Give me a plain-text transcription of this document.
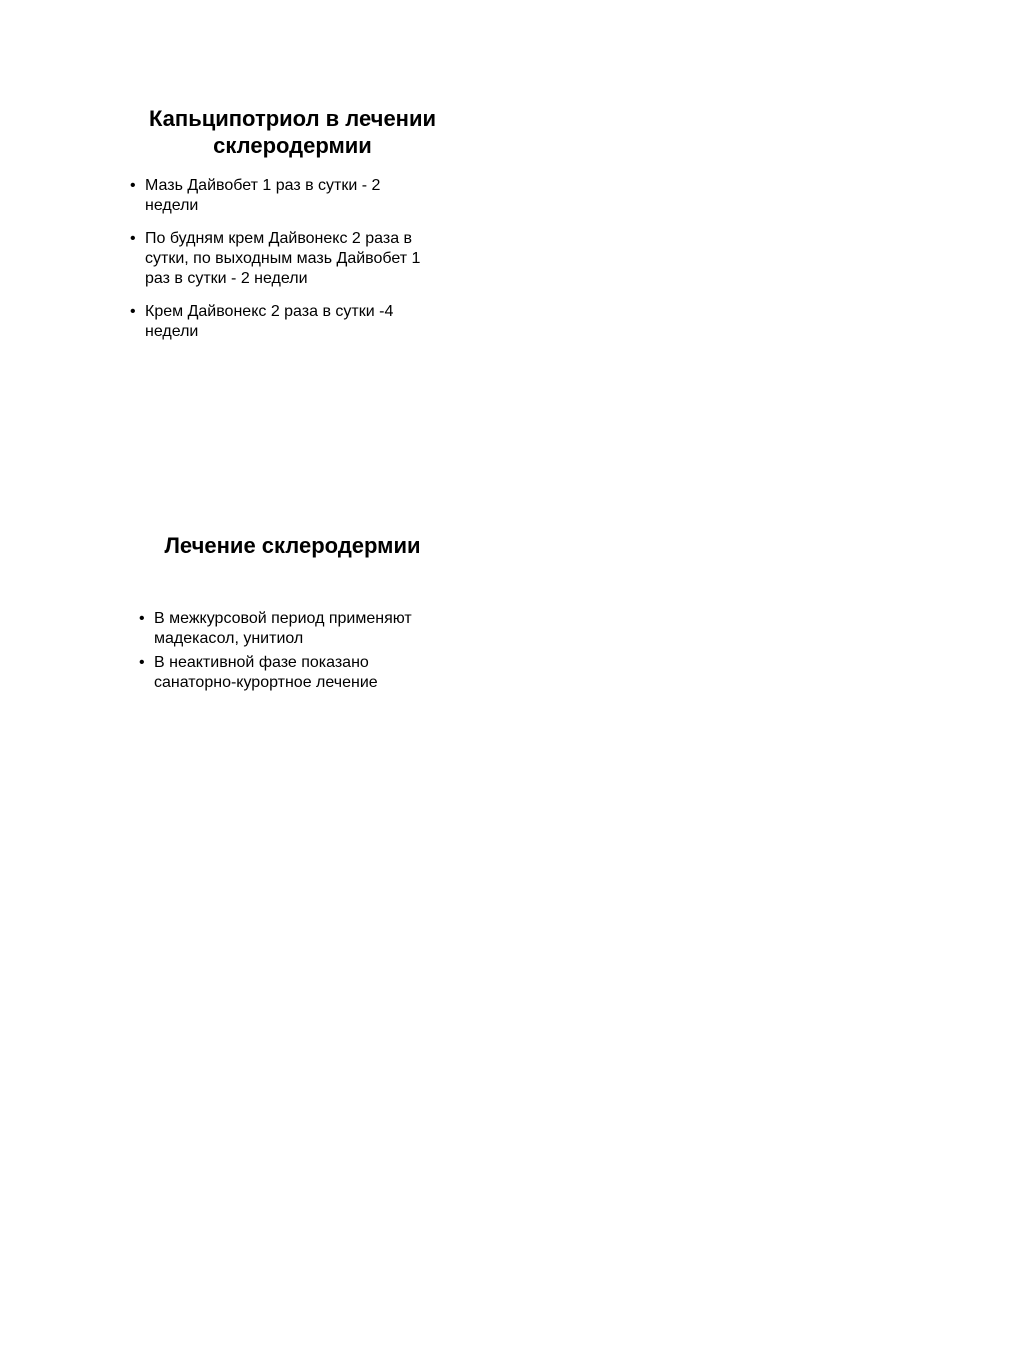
Капьципотриол в лечении
склеродермии
• Мазь Дайвобет 1 раз в сутки - 2
недели
• По будням крем Дайвонекс 2 раза в
сутки, по выходным мазь Дайвобет 1
раз в сутки - 2 недели
• Крем Дайвонекс 2 раза в сутки -4
недели
Лечение склеродермии
• В межкурсовой период применяют
мадекасол, унитиол
• В неактивной фазе показано
санаторно-курортное лечение
